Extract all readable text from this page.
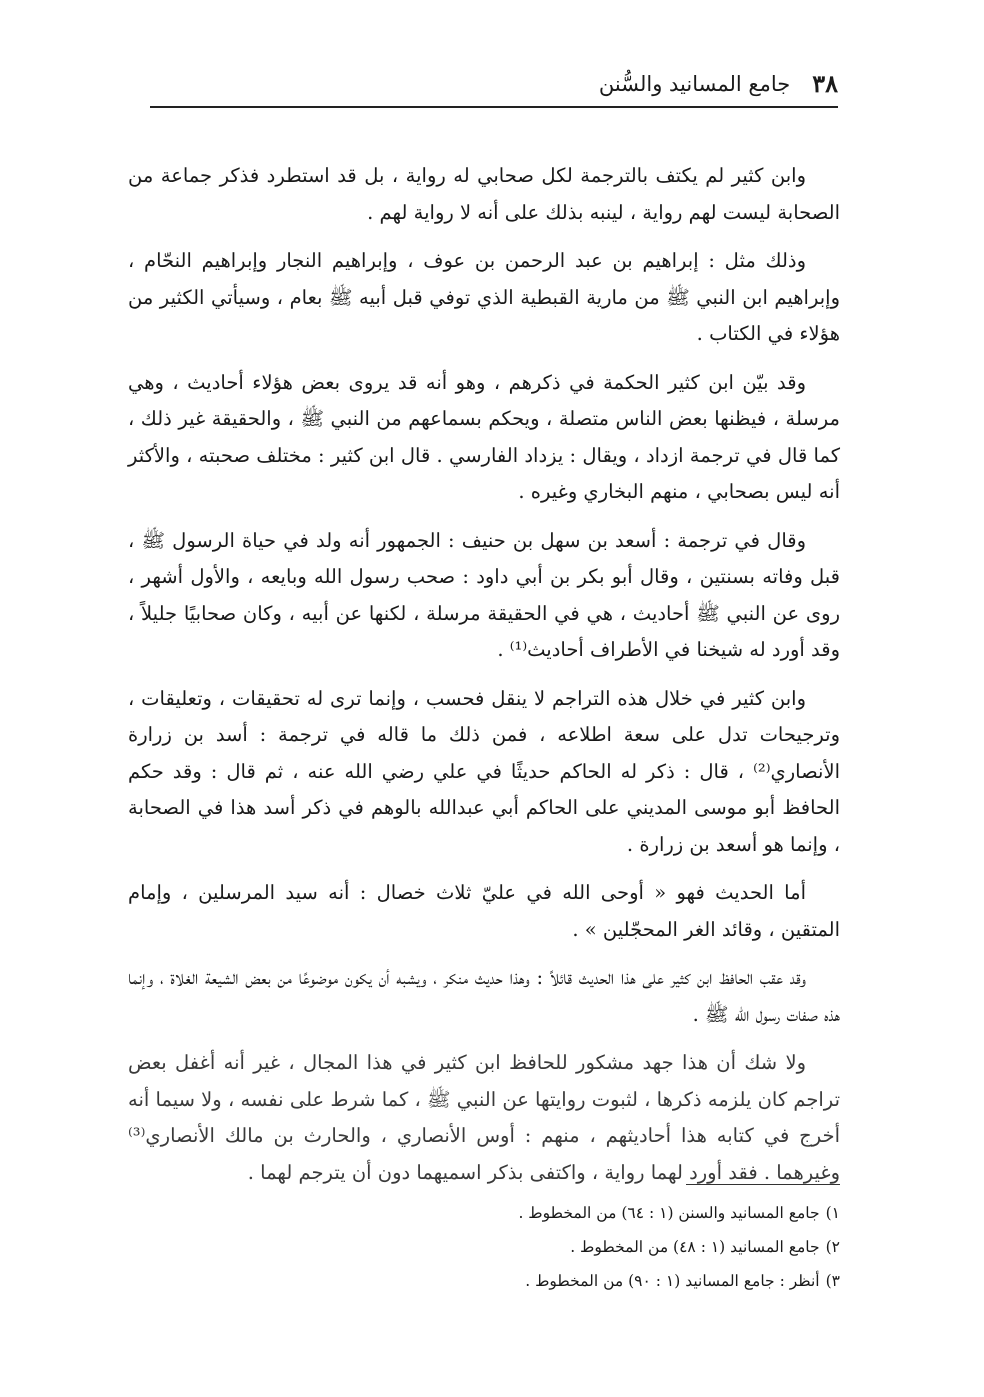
٣٨
جامع المسانيد والسُّنن

وابن كثير لم يكتف بالترجمة لكل صحابي له رواية ، بل قد استطرد فذكر جماعة من الصحابة ليست لهم رواية ، لينبه بذلك على أنه لا رواية لهم .

وذلك مثل : إبراهيم بن عبد الرحمن بن عوف ، وإبراهيم النجار وإبراهيم النحّام ، وإبراهيم ابن النبي ﷺ من مارية القبطية الذي توفي قبل أبيه ﷺ بعام ، وسيأتي الكثير من هؤلاء في الكتاب .

وقد بيّن ابن كثير الحكمة في ذكرهم ، وهو أنه قد يروى بعض هؤلاء أحاديث ، وهي مرسلة ، فيظنها بعض الناس متصلة ، ويحكم بسماعهم من النبي ﷺ ، والحقيقة غير ذلك ، كما قال في ترجمة ازداد ، ويقال : يزداد الفارسي . قال ابن كثير : مختلف صحبته ، والأكثر أنه ليس بصحابي ، منهم البخاري وغيره .

وقال في ترجمة : أسعد بن سهل بن حنيف : الجمهور أنه ولد في حياة الرسول ﷺ ، قبل وفاته بسنتين ، وقال أبو بكر بن أبي داود : صحب رسول الله وبايعه ، والأول أشهر ، روى عن النبي ﷺ أحاديث ، هي في الحقيقة مرسلة ، لكنها عن أبيه ، وكان صحابيًا جليلاً ، وقد أورد له شيخنا في الأطراف أحاديث⁽¹⁾ .

وابن كثير في خلال هذه التراجم لا ينقل فحسب ، وإنما ترى له تحقيقات ، وتعليقات ، وترجيحات تدل على سعة اطلاعه ، فمن ذلك ما قاله في ترجمة : أسد بن زرارة الأنصاري⁽²⁾ ، قال : ذكر له الحاكم حديثًا في علي رضي الله عنه ، ثم قال : وقد حكم الحافظ أبو موسى المديني على الحاكم أبي عبدالله بالوهم في ذكر أسد هذا في الصحابة ، وإنما هو أسعد بن زرارة .

أما الحديث فهو « أوحى الله في عليّ ثلاث خصال : أنه سيد المرسلين ، وإمام المتقين ، وقائد الغر المحجّلين » .

وقد عقب الحافظ ابن كثير على هذا الحديث قائلاً : وهذا حديث منكر ، ويشبه أن يكون موضوعًا من بعض الشيعة الغلاة ، وإنما هذه صفات رسول الله ﷺ .

ولا شك أن هذا جهد مشكور للحافظ ابن كثير في هذا المجال ، غير أنه أغفل بعض تراجم كان يلزمه ذكرها ، لثبوت روايتها عن النبي ﷺ ، كما شرط على نفسه ، ولا سيما أنه أخرج في كتابه هذا أحاديثهم ، منهم : أوس الأنصاري ، والحارث بن مالك الأنصاري⁽³⁾ وغيرهما . فقد أورد لهما رواية ، واكتفى بذكر اسميهما دون أن يترجم لهما .

١)جامع المسانيد والسنن (١ : ٦٤) من المخطوط .
٢)جامع المسانيد (١ : ٤٨) من المخطوط .
٣)أنظر : جامع المسانيد (١ : ٩٠) من المخطوط .
